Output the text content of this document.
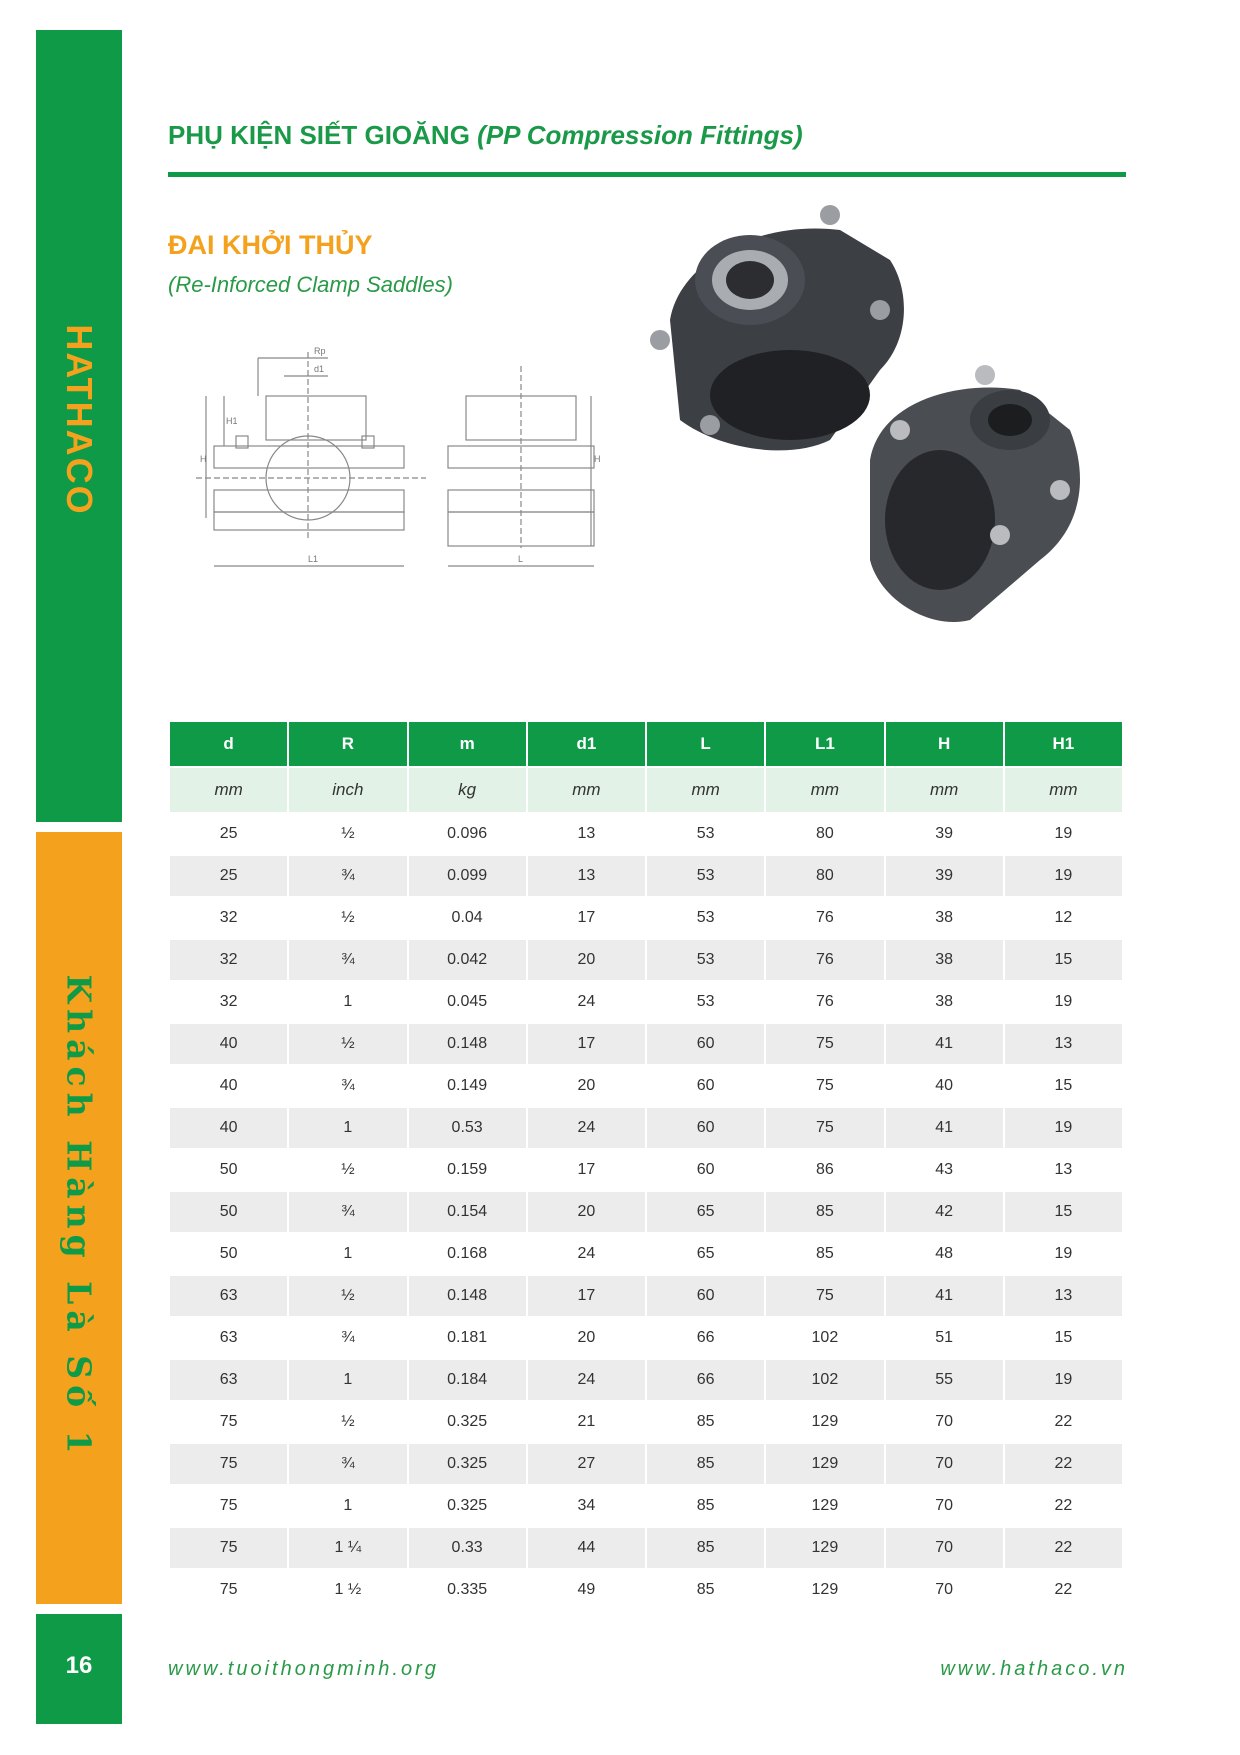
HATHACO
Khách Hàng Là Số 1
16
PHỤ KIỆN SIẾT GIOĂNG (PP Compression Fittings)
ĐAI KHỞI THỦY
(Re-Inforced Clamp Saddles)
Rp
d1
H1
H
L1
H
L
d	R	m	d1	L	L1	H	H1
mm	inch	kg	mm	mm	mm	mm	mm
25	½	0.096	13	53	80	39	19
25	¾	0.099	13	53	80	39	19
32	½	0.04	17	53	76	38	12
32	¾	0.042	20	53	76	38	15
32	1	0.045	24	53	76	38	19
40	½	0.148	17	60	75	41	13
40	¾	0.149	20	60	75	40	15
40	1	0.53	24	60	75	41	19
50	½	0.159	17	60	86	43	13
50	¾	0.154	20	65	85	42	15
50	1	0.168	24	65	85	48	19
63	½	0.148	17	60	75	41	13
63	¾	0.181	20	66	102	51	15
63	1	0.184	24	66	102	55	19
75	½	0.325	21	85	129	70	22
75	¾	0.325	27	85	129	70	22
75	1	0.325	34	85	129	70	22
75	1 ¼	0.33	44	85	129	70	22
75	1 ½	0.335	49	85	129	70	22
www.tuoithongminh.org	www.hathaco.vn
